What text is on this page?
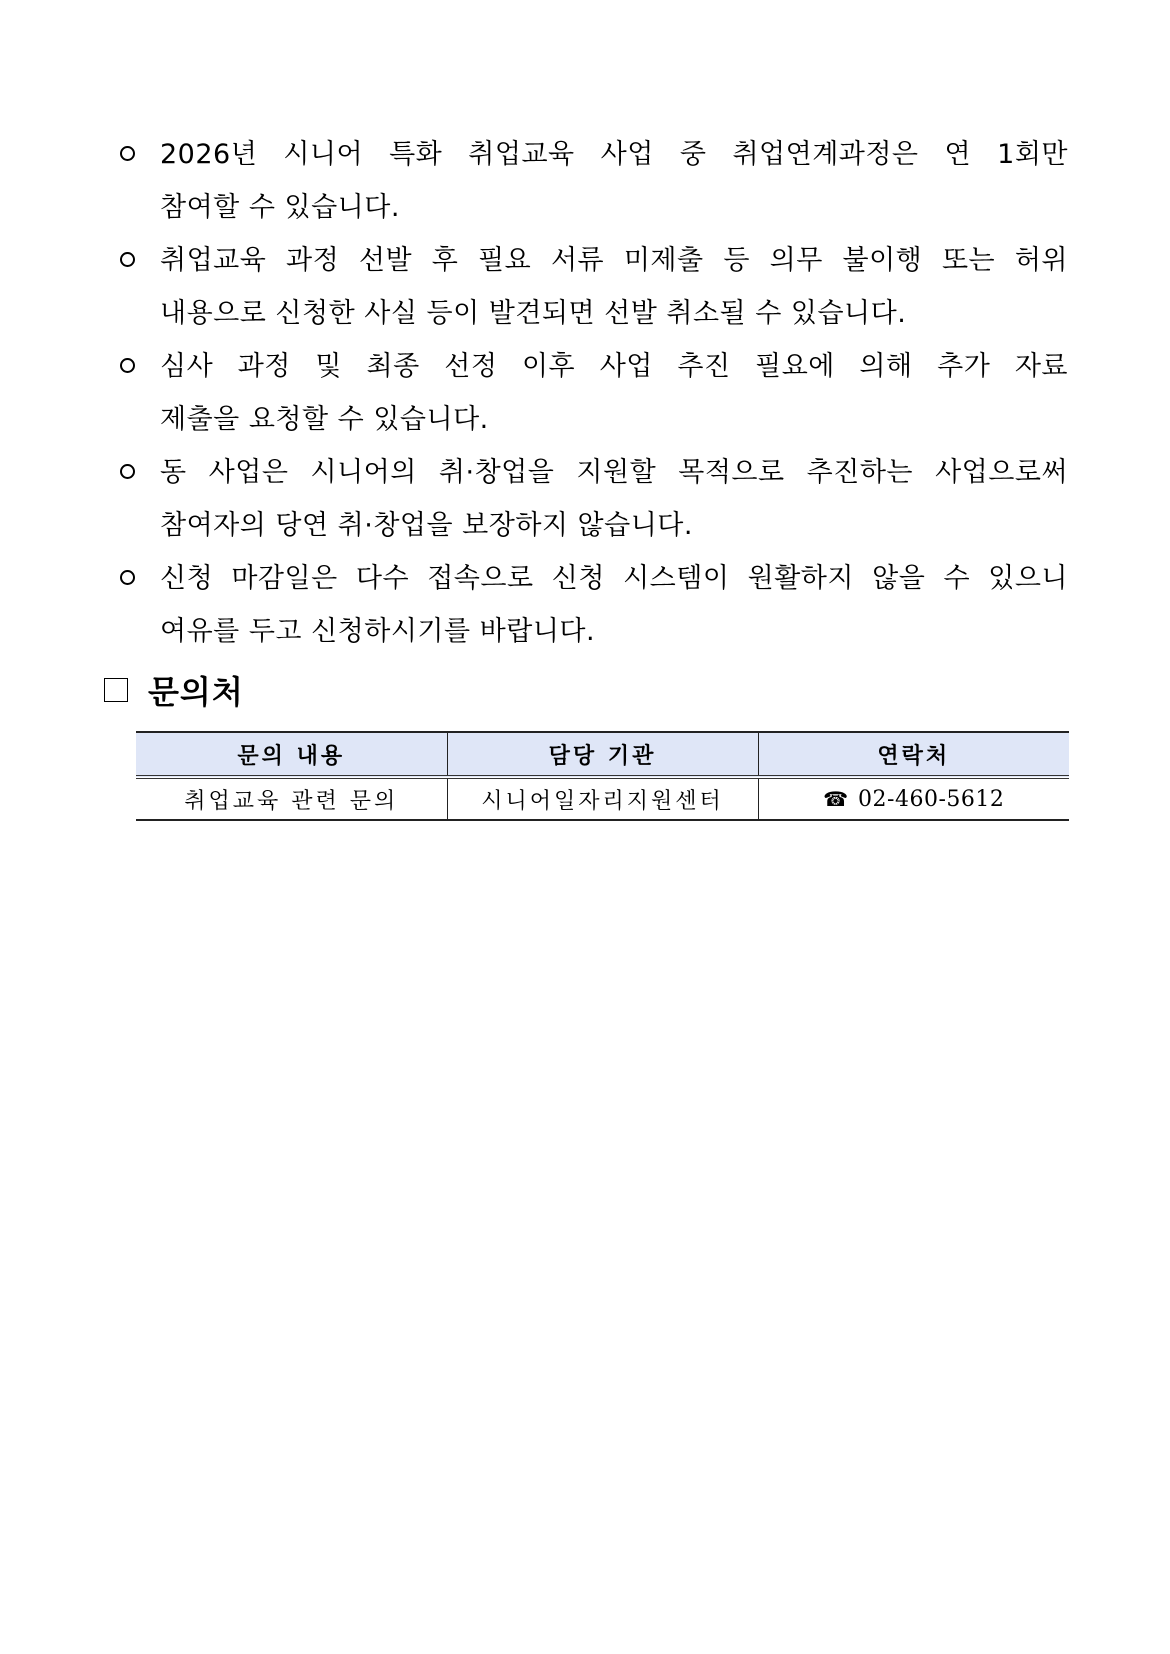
2026년 시니어 특화 취업교육 사업 중 취업연계과정은 연 1회만
참여할 수 있습니다.
취업교육 과정 선발 후 필요 서류 미제출 등 의무 불이행 또는 허위
내용으로 신청한 사실 등이 발견되면 선발 취소될 수 있습니다.
심사 과정 및 최종 선정 이후 사업 추진 필요에 의해 추가 자료
제출을 요청할 수 있습니다.
동 사업은 시니어의 취·창업을 지원할 목적으로 추진하는 사업으로써
참여자의 당연 취·창업을 보장하지 않습니다.
신청 마감일은 다수 접속으로 신청 시스템이 원활하지 않을 수 있으니
여유를 두고 신청하시기를 바랍니다.
문의처
문의 내용	담당 기관	연락처
취업교육 관련 문의	시니어일자리지원센터	☎ 02-460-5612
